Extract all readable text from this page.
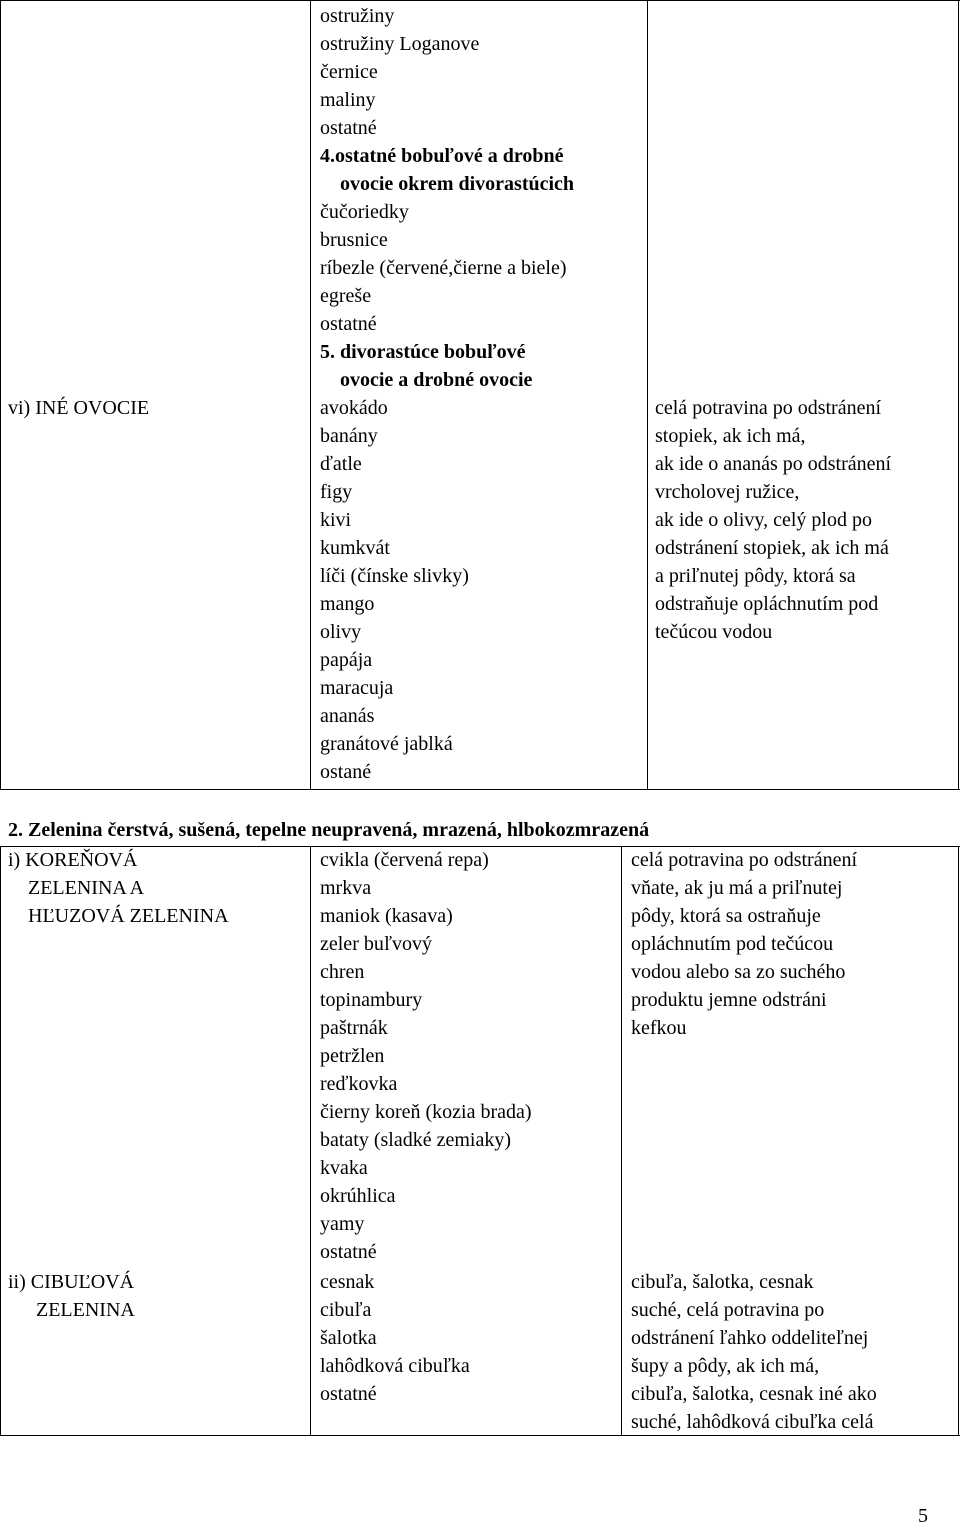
ostružiny
ostružiny Loganove
černice
maliny
ostatné
4.ostatné bobuľové a drobné
ovocie okrem divorastúcich
čučoriedky
brusnice
ríbezle (červené,čierne a biele)
egreše
ostatné
5. divorastúce bobuľové
ovocie a drobné ovocie
vi) INÉ OVOCIE	avokádo
banány
ďatle
figy
kivi
kumkvát
líči (čínske slivky)
mango
olivy
papája
maracuja
ananás
granátové jablká
ostané
celá potravina po odstránení
stopiek, ak ich má,
ak ide o ananás po odstránení
vrcholovej ružice,
ak ide o olivy, celý plod po
odstránení stopiek, ak ich má
a priľnutej pôdy, ktorá sa
odstraňuje opláchnutím pod
tečúcou vodou
2. Zelenina čerstvá, sušená, tepelne neupravená, mrazená, hlbokozmrazená
i) KOREŇOVÁ
ZELENINA A
HĽUZOVÁ ZELENINA
cvikla (červená repa)
mrkva
maniok (kasava)
zeler buľvový
chren
topinambury
paštrnák
petržlen
reďkovka
čierny koreň (kozia brada)
bataty (sladké zemiaky)
kvaka
okrúhlica
yamy
ostatné
celá potravina po odstránení
vňate, ak ju má a priľnutej
pôdy, ktorá sa ostraňuje
opláchnutím pod tečúcou
vodou alebo sa zo suchého
produktu jemne odstráni
kefkou
ii) CIBUĽOVÁ
ZELENINA
cesnak
cibuľa
šalotka
lahôdková cibuľka
ostatné
cibuľa, šalotka, cesnak
suché, celá potravina po
odstránení ľahko oddeliteľnej
šupy a pôdy, ak ich má,
cibuľa, šalotka, cesnak iné ako
suché, lahôdková cibuľka celá
5
